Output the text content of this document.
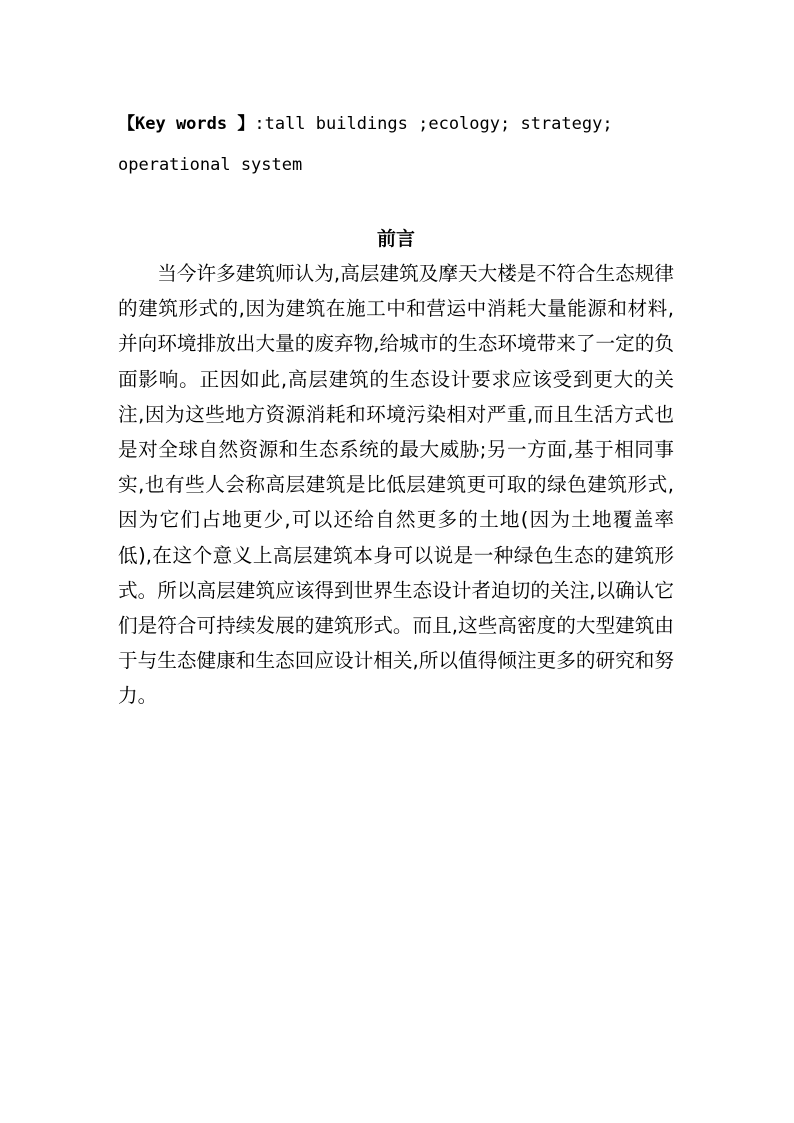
【Key words 】:tall buildings ;ecology; strategy; operational system
前言

当今许多建筑师认为,高层建筑及摩天大楼是不符合生态规律的建筑形式的,因为建筑在施工中和营运中消耗大量能源和材料,并向环境排放出大量的废弃物,给城市的生态环境带来了一定的负面影响。正因如此,高层建筑的生态设计要求应该受到更大的关注,因为这些地方资源消耗和环境污染相对严重,而且生活方式也是对全球自然资源和生态系统的最大威胁;另一方面,基于相同事实,也有些人会称高层建筑是比低层建筑更可取的绿色建筑形式,因为它们占地更少,可以还给自然更多的土地(因为土地覆盖率低),在这个意义上高层建筑本身可以说是一种绿色生态的建筑形式。所以高层建筑应该得到世界生态设计者迫切的关注,以确认它们是符合可持续发展的建筑形式。而且,这些高密度的大型建筑由于与生态健康和生态回应设计相关,所以值得倾注更多的研究和努力。
